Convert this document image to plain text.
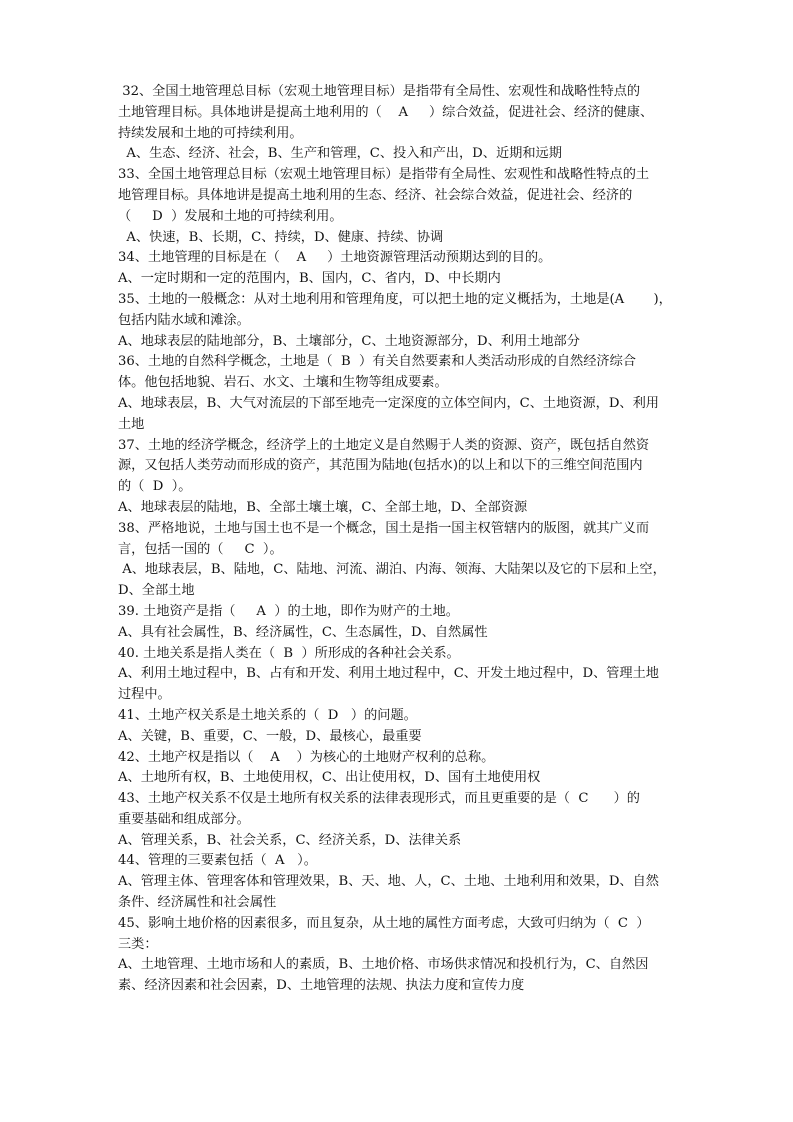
32、全国土地管理总目标（宏观土地管理目标）是指带有全局性、宏观性和战略性特点的
土地管理目标。具体地讲是提高土地利用的（    A     ）综合效益，促进社会、经济的健康、
持续发展和土地的可持续利用。
A、生态、经济、社会，B、生产和管理，C、投入和产出，D、近期和远期
33、全国土地管理总目标（宏观土地管理目标）是指带有全局性、宏观性和战略性特点的土
地管理目标。具体地讲是提高土地利用的生态、经济、社会综合效益，促进社会、经济的
（     D  ）发展和土地的可持续利用。
A、快速，B、长期，C、持续，D、健康、持续、协调
34、土地管理的目标是在（    A     ）土地资源管理活动预期达到的目的。
A、一定时期和一定的范围内，B、国内，C、省内，D、中长期内
35、土地的一般概念：从对土地利用和管理角度，可以把土地的定义概括为，土地是(A       )，
包括内陆水域和滩涂。
A、地球表层的陆地部分，B、土壤部分，C、土地资源部分，D、利用土地部分
36、土地的自然科学概念，土地是（  B  ）有关自然要素和人类活动形成的自然经济综合
体。他包括地貌、岩石、水文、土壤和生物等组成要素。
A、地球表层，B、大气对流层的下部至地壳一定深度的立体空间内，C、土地资源，D、利用
土地
37、土地的经济学概念，经济学上的土地定义是自然赐于人类的资源、资产，既包括自然资
源，又包括人类劳动而形成的资产，其范围为陆地(包括水)的以上和以下的三维空间范围内
的（  D  ）。
A、地球表层的陆地，B、全部土壤土壤，C、全部土地，D、全部资源
38、严格地说，土地与国土也不是一个概念，国土是指一国主权管辖内的版图，就其广义而
言，包括一国的（     C  ）。
A、地球表层，B、陆地，C、陆地、河流、湖泊、内海、领海、大陆架以及它的下层和上空，
D、全部土地
39. 土地资产是指（     A  ）的土地，即作为财产的土地。
A、具有社会属性，B、经济属性，C、生态属性，D、自然属性
40. 土地关系是指人类在（  B  ）所形成的各种社会关系。
A、利用土地过程中，B、占有和开发、利用土地过程中，C、开发土地过程中，D、管理土地
过程中。
41、土地产权关系是土地关系的（  D   ）的问题。
A、关键，B、重要，C、一般，D、最核心，最重要
42、土地产权是指以（    A    ）为核心的土地财产权利的总称。
A、土地所有权，B、土地使用权，C、出让使用权，D、国有土地使用权
43、土地产权关系不仅是土地所有权关系的法律表现形式，而且更重要的是（  C      ）的
重要基础和组成部分。
A、管理关系，B、社会关系，C、经济关系，D、法律关系
44、管理的三要素包括（  A   ）。
A、管理主体、管理客体和管理效果，B、天、地、人，C、土地、土地利用和效果，D、自然
条件、经济属性和社会属性
45、影响土地价格的因素很多，而且复杂，从土地的属性方面考虑，大致可归纳为（  C  ）
三类：
A、土地管理、土地市场和人的素质，B、土地价格、市场供求情况和投机行为，C、自然因
素、经济因素和社会因素，D、土地管理的法规、执法力度和宣传力度
